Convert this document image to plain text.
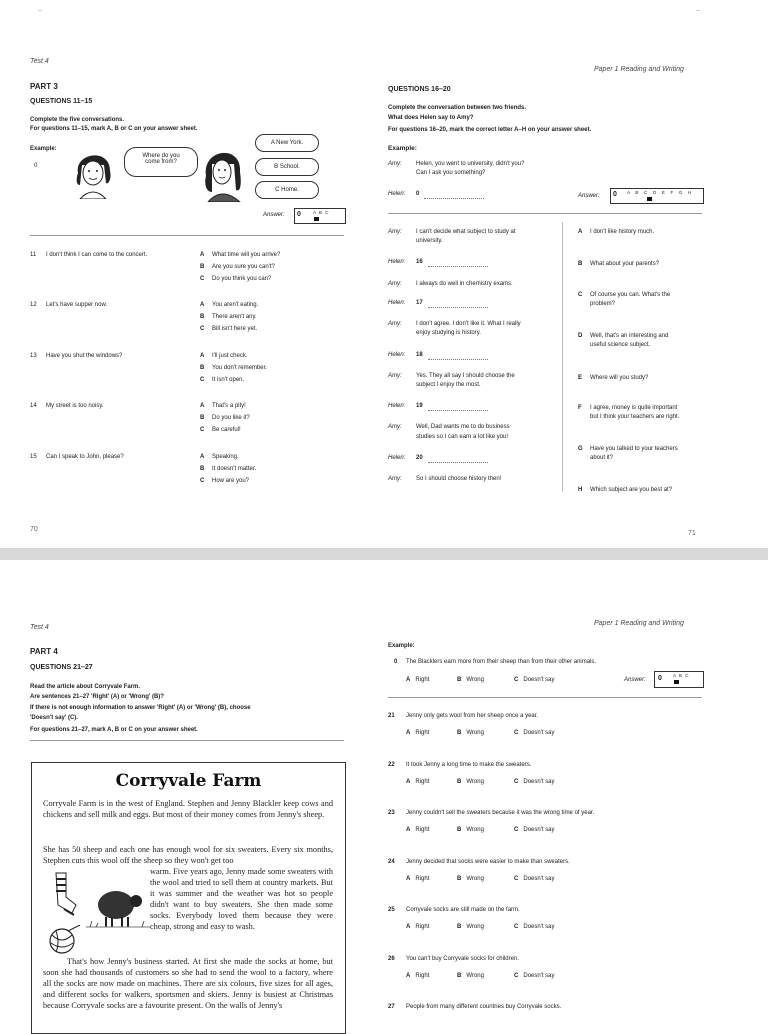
~	~
Test 4
PART 3
QUESTIONS 11–15
Complete the five conversations.
For questions 11–15, mark A, B or C on your answer sheet.
Example:
0
Where do you
come from?
A New York.
B School.
C Home.
Answer: 0	A B C
11 I don't think I can come to the concert.	A What time will you arrive?
B Are you sure you can't?
C Do you think you can?
12 Let's have supper now.	A You aren't eating.
B There aren't any.
C Bill isn't here yet.
13 Have you shut the windows?	A I'll just check.
B You don't remember.
C It isn't open.
14 My street is too noisy.	A That's a pity!
B Do you like it?
C Be careful!
15 Can I speak to John, please?	A Speaking.
B It doesn't matter.
C How are you?
70
Paper 1 Reading and Writing
QUESTIONS 16–20
Complete the conversation between two friends.
What does Helen say to Amy?
For questions 16–20, mark the correct letter A–H on your answer sheet.
Example:
Amy: Helen, you went to university, didn't you?
Can I ask you something?
Helen: 0	Answer: 0 A B C D E F G H
Amy: I can't decide what subject to study at
university.
Helen: 16
Amy: I always do well in chemistry exams.
Helen: 17
Amy: I don't agree. I don't like it. What I really
enjoy studying is history.
Helen: 18
Amy: Yes. They all say I should choose the
subject I enjoy the most.
Helen: 19
Amy: Well, Dad wants me to do business
studies so I can earn a lot like you!
Helen: 20
Amy: So I should choose history then!
A I don't like history much.
B What about your parents?
C Of course you can. What's the
problem?
D Well, that's an interesting and
useful science subject.
E Where will you study?
F I agree, money is quite important
but I think your teachers are right.
G Have you talked to your teachers
about it?
H Which subject are you best at?
71
Test 4
PART 4
QUESTIONS 21–27
Read the article about Corryvale Farm.
Are sentences 21–27 'Right' (A) or 'Wrong' (B)?
If there is not enough information to answer 'Right' (A) or 'Wrong' (B), choose
'Doesn't say' (C).
For questions 21–27, mark A, B or C on your answer sheet.
Corryvale Farm
Corryvale Farm is in the west of England. Stephen and Jenny Blackler keep cows and chickens and sell milk and eggs. But most of their money comes from Jenny's sheep.
She has 50 sheep and each one has enough wool for six sweaters. Every six months, Stephen cuts this wool off the sheep so they won't get too
warm. Five years ago, Jenny made some sweaters with the wool and tried to sell them at country markets. But it was summer and the weather was hot so people didn't want to buy sweaters. She then made some socks. Everybody loved them because they were cheap, strong and easy to wash.
That's how Jenny's business started. At first she made the socks at home, but soon she had thousands of customers so she had to send the wool to a factory, where all the socks are now made on machines. There are six colours, five sizes for all ages, and different socks for walkers, sportsmen and skiers. Jenny is busiest at Christmas because Corryvale socks are a favourite present. On the walls of Jenny's
Paper 1 Reading and Writing
Example:
0 The Blacklers earn more from their sheep than from their other animals.
A Right	B Wrong	C Doesn't say	Answer: 0 A B C
21 Jenny only gets wool from her sheep once a year.
A Right	B Wrong	C Doesn't say
22 It took Jenny a long time to make the sweaters.
A Right	B Wrong	C Doesn't say
23 Jenny couldn't sell the sweaters because it was the wrong time of year.
A Right	B Wrong	C Doesn't say
24 Jenny decided that socks were easier to make than sweaters.
A Right	B Wrong	C Doesn't say
25 Corryvale socks are still made on the farm.
A Right	B Wrong	C Doesn't say
26 You can't buy Corryvale socks for children.
A Right	B Wrong	C Doesn't say
27 People from many different countries buy Corryvale socks.
